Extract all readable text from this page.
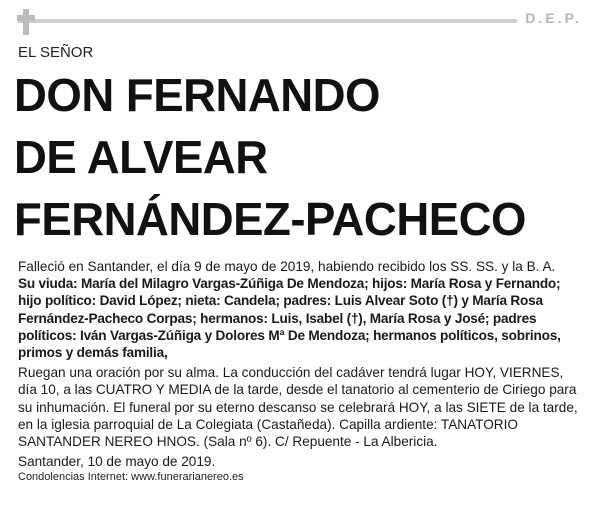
D.E.P.
EL SEÑOR
DON FERNANDO
DE ALVEAR
FERNÁNDEZ-PACHECO

Falleció en Santander, el día 9 de mayo de 2019, habiendo recibido los SS. SS. y la B. A.

Su viuda: María del Milagro Vargas-Zúñiga De Mendoza; hijos: María Rosa y Fernando; hijo político: David López; nieta: Candela; padres: Luis Alvear Soto (†) y María Rosa Fernández-Pacheco Corpas; hermanos: Luis, Isabel (†), María Rosa y José; padres políticos: Iván Vargas-Zúñiga y Dolores Mª De Mendoza; hermanos políticos, sobrinos, primos y demás familia,

Ruegan una oración por su alma. La conducción del cadáver tendrá lugar HOY, VIERNES, día 10, a las CUATRO Y MEDIA de la tarde, desde el tanatorio al cementerio de Ciriego para su inhumación. El funeral por su eterno descanso se celebrará HOY, a las SIETE de la tarde, en la iglesia parroquial de La Colegiata (Castañeda). Capilla ardiente: TANATORIO SANTANDER NEREO HNOS. (Sala nº 6). C/ Repuente - La Albericia.

Santander, 10 de mayo de 2019.

Condolencias Internet: www.funerarianereo.es
